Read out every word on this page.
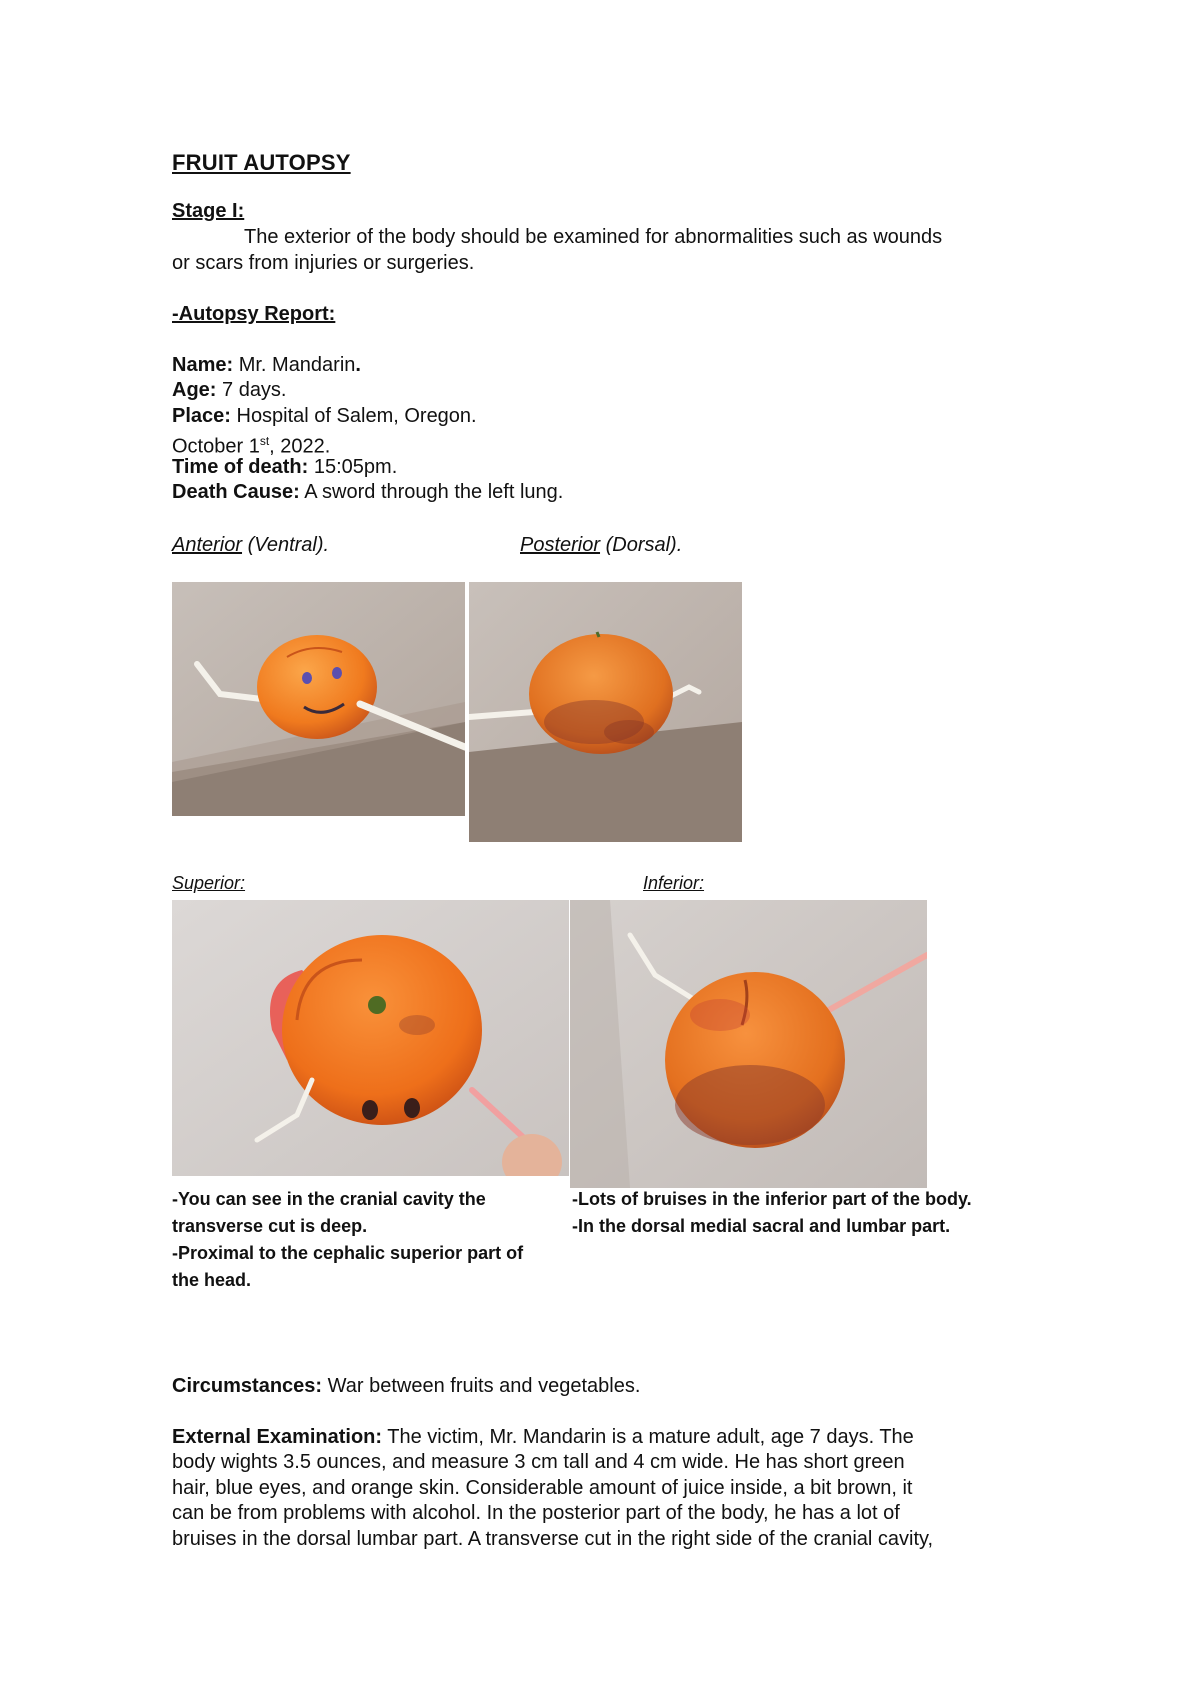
FRUIT AUTOPSY
Stage I:
The exterior of the body should be examined for abnormalities such as wounds
or scars from injuries or surgeries.
-Autopsy Report:
Name: Mr. Mandarin.
Age: 7 days.
Place: Hospital of Salem, Oregon.
October 1st, 2022.
Time of death: 15:05pm.
Death Cause: A sword through the left lung.
Anterior (Ventral).	Posterior (Dorsal).
Superior:	Inferior:
-You can see in the cranial cavity the
transverse cut is deep.
-Proximal to the cephalic superior part of
the head.
-Lots of bruises in the inferior part of the body.
-In the dorsal medial sacral and lumbar part.
Circumstances: War between fruits and vegetables.
External Examination: The victim, Mr. Mandarin is a mature adult, age 7 days. The
body wights 3.5 ounces, and measure 3 cm tall and 4 cm wide. He has short green
hair, blue eyes, and orange skin. Considerable amount of juice inside, a bit brown, it
can be from problems with alcohol. In the posterior part of the body, he has a lot of
bruises in the dorsal lumbar part. A transverse cut in the right side of the cranial cavity,
